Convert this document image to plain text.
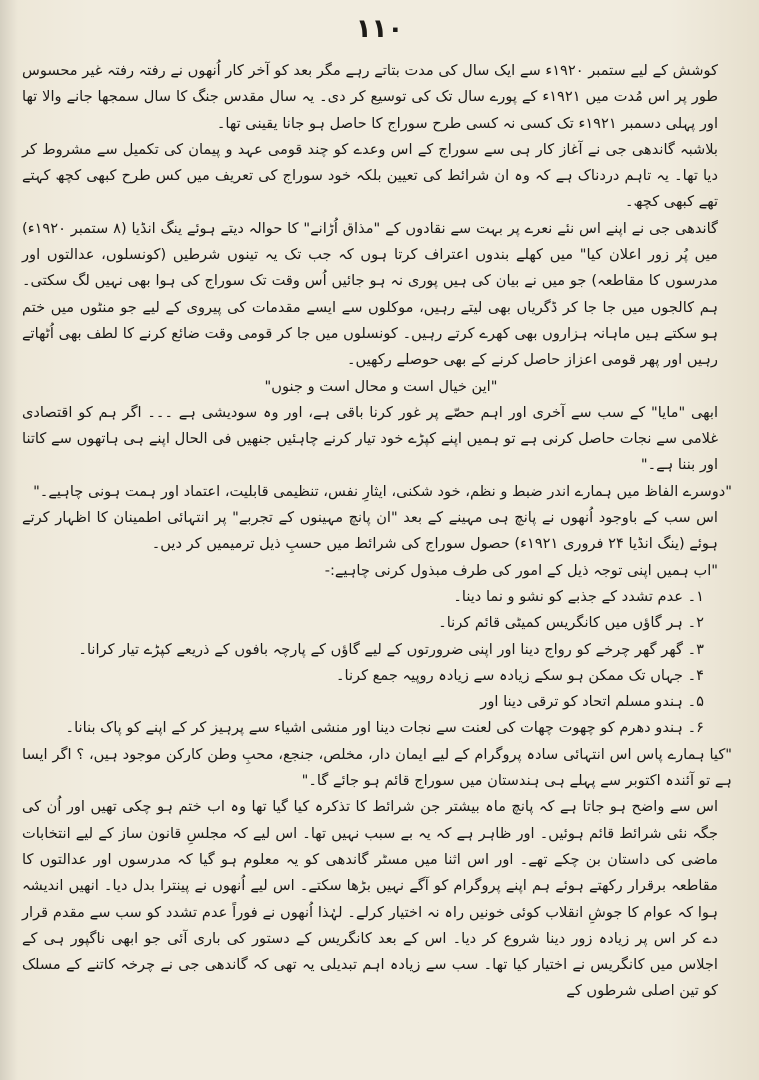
١١٠

کوشش کے لیے ستمبر ۱۹۲۰ء سے ایک سال کی مدت بتاتے رہے مگر بعد کو آخر کار اُنھوں نے رفتہ رفتہ غیر محسوس طور پر اس مُدت میں ۱۹۲۱ء کے پورے سال تک کی توسیع کر دی۔ یہ سال مقدس جنگ کا سال سمجھا جانے والا تھا اور پہلی دسمبر ۱۹۲۱ء تک کسی نہ کسی طرح سوراج کا حاصل ہو جانا یقینی تھا۔

بلاشبہ گاندھی جی نے آغاز کار ہی سے سوراج کے اس وعدے کو چند قومی عہد و پیمان کی تکمیل سے مشروط کر دیا تھا۔ یہ تاہم دردناک ہے کہ وہ ان شرائط کی تعیین بلکہ خود سوراج کی تعریف میں کس طرح کبھی کچھ کہتے تھے کبھی کچھ۔

گاندھی جی نے اپنے اس نئے نعرے پر بہت سے نقادوں کے "مذاق اُڑانے" کا حوالہ دیتے ہوئے ینگ انڈیا (۸ ستمبر ۱۹۲۰ء) میں پُر زور اعلان کیا" میں کھلے بندوں اعتراف کرتا ہوں کہ جب تک یہ تینوں شرطیں (کونسلوں، عدالتوں اور مدرسوں کا مقاطعہ) جو میں نے بیان کی ہیں پوری نہ ہو جائیں اُس وقت تک سوراج کی ہوا بھی نہیں لگ سکتی۔ ہم کالجوں میں جا جا کر ڈگریاں بھی لیتے رہیں، موکلوں سے ایسے مقدمات کی پیروی کے لیے جو منٹوں میں ختم ہو سکتے ہیں ماہانہ ہزاروں بھی کھرے کرتے رہیں۔ کونسلوں میں جا کر قومی وقت ضائع کرنے کا لطف بھی اُٹھاتے رہیں اور پھر قومی اعزاز حاصل کرنے کے بھی حوصلے رکھیں۔

"این خیال است و محال است و جنوں"

ابھی "مایا" کے سب سے آخری اور اہم حصّے پر غور کرنا باقی ہے، اور وہ سودیشی ہے ۔۔۔ اگر ہم کو اقتصادی غلامی سے نجات حاصل کرنی ہے تو ہمیں اپنے کپڑے خود تیار کرنے چاہئیں جنھیں فی الحال اپنے ہی ہاتھوں سے کاتنا اور بننا ہے۔"

"دوسرے الفاظ میں ہمارے اندر ضبط و نظم، خود شکنی، ایثارِ نفس، تنظیمی قابلیت، اعتماد اور ہمت ہونی چاہیے۔"

اس سب کے باوجود اُنھوں نے پانچ ہی مہینے کے بعد "ان پانچ مہینوں کے تجربے" پر انتہائی اطمینان کا اظہار کرتے ہوئے (ینگ انڈیا ۲۴ فروری ۱۹۲۱ء) حصول سوراج کی شرائط میں حسبِ ذیل ترمیمیں کر دیں۔

"اب ہمیں اپنی توجہ ذیل کے امور کی طرف مبذول کرنی چاہیے:-

۱۔ عدم تشدد کے جذبے کو نشو و نما دینا۔

۲۔ ہر گاؤں میں کانگریس کمیٹی قائم کرنا۔

۳۔ گھر گھر چرخے کو رواج دینا اور اپنی ضرورتوں کے لیے گاؤں کے پارچہ بافوں کے ذریعے کپڑے تیار کرانا۔

۴۔ جہاں تک ممکن ہو سکے زیادہ سے زیادہ روپیہ جمع کرنا۔

۵۔ ہندو مسلم اتحاد کو ترقی دینا اور

۶۔ ہندو دھرم کو چھوت چھات کی لعنت سے نجات دینا اور منشی اشیاء سے پرہیز کر کے اپنے کو پاک بنانا۔

"کیا ہمارے پاس اس انتہائی سادہ پروگرام کے لیے ایمان دار، مخلص، جنجع، محبِ وطن کارکن موجود ہیں، ؟ اگر ایسا ہے تو آئندہ اکتوبر سے پہلے ہی ہندستان میں سوراج قائم ہو جائے گا۔"

اس سے واضح ہو جاتا ہے کہ پانچ ماہ بیشتر جن شرائط کا تذکرہ کیا گیا تھا وہ اب ختم ہو چکی تھیں اور اُن کی جگہ نئی شرائط قائم ہوئیں۔ اور ظاہر ہے کہ یہ بے سبب نہیں تھا۔ اس لیے کہ مجلسِ قانون ساز کے لیے انتخابات ماضی کی داستان بن چکے تھے۔ اور اس اثنا میں مسٹر گاندھی کو یہ معلوم ہو گیا کہ مدرسوں اور عدالتوں کا مقاطعہ برقرار رکھتے ہوئے ہم اپنے پروگرام کو آگے نہیں بڑھا سکتے۔ اس لیے اُنھوں نے پینترا بدل دیا۔ انھیں اندیشہ ہوا کہ عوام کا جوشِ انقلاب کوئی خونیں راہ نہ اختیار کرلے۔ لہٰذا اُنھوں نے فوراً عدم تشدد کو سب سے مقدم قرار دے کر اس پر زیادہ زور دینا شروع کر دیا۔ اس کے بعد کانگریس کے دستور کی باری آئی جو ابھی ناگپور ہی کے اجلاس میں کانگریس نے اختیار کیا تھا۔ سب سے زیادہ اہم تبدیلی یہ تھی کہ گاندھی جی نے چرخہ کاتنے کے مسلک کو تین اصلی شرطوں کے
